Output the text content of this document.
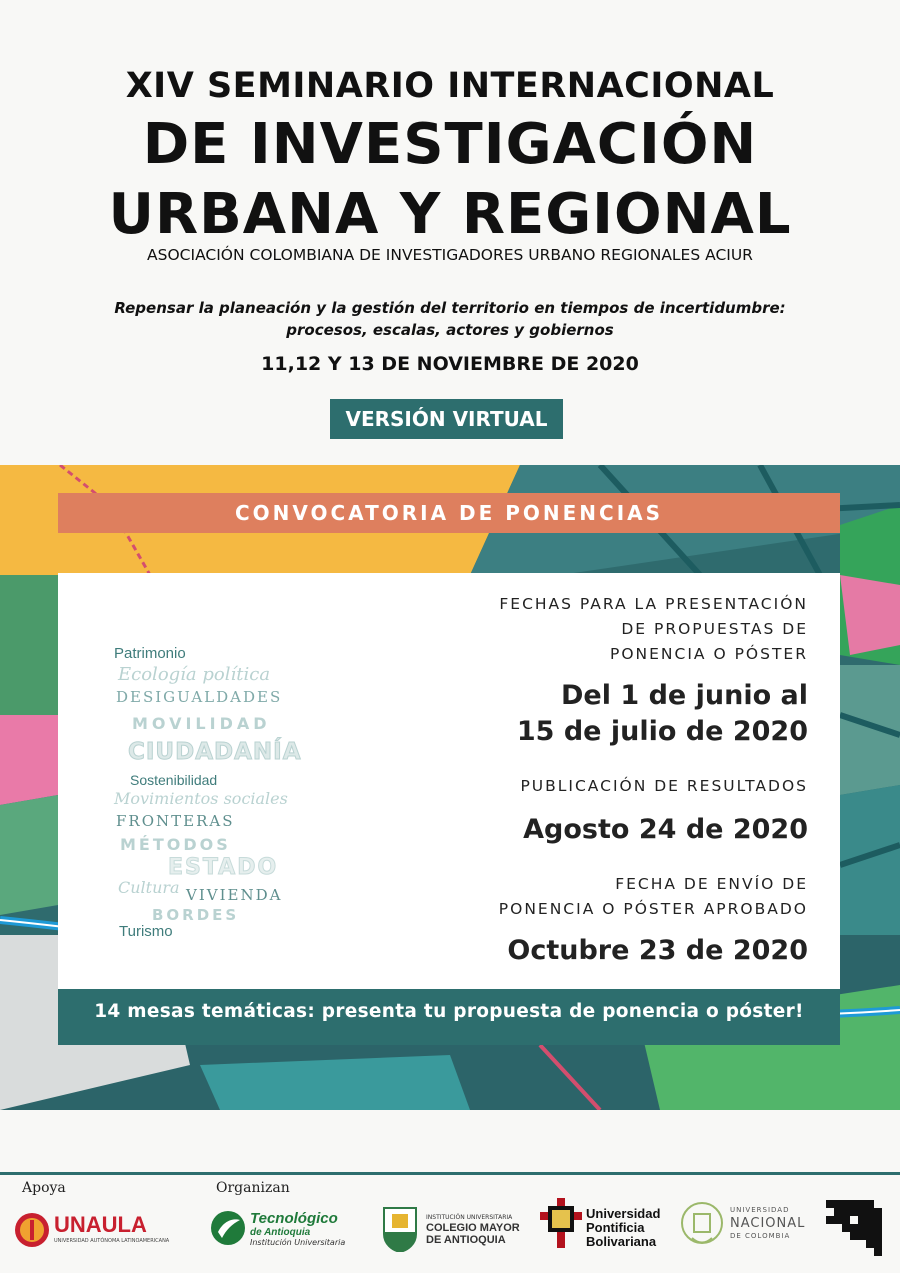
XIV SEMINARIO INTERNACIONAL
DE INVESTIGACIÓN
URBANA Y REGIONAL
ASOCIACIÓN COLOMBIANA DE INVESTIGADORES URBANO REGIONALES ACIUR
Repensar la planeación y la gestión del territorio en tiempos de incertidumbre:
procesos, escalas, actores y gobiernos
11,12 Y 13 DE NOVIEMBRE DE 2020
VERSIÓN VIRTUAL
CONVOCATORIA DE PONENCIAS
Patrimonio
Ecología política
DESIGUALDADES
MOVILIDAD
CIUDADANÍA
Sostenibilidad
Movimientos sociales
FRONTERAS
MÉTODOS
ESTADO
Cultura VIVIENDA
BORDES
Turismo
FECHAS PARA LA PRESENTACIÓN
DE PROPUESTAS DE
PONENCIA O PÓSTER
Del 1 de junio al
15 de julio de 2020
PUBLICACIÓN DE RESULTADOS
Agosto 24 de 2020
FECHA DE ENVÍO DE
PONENCIA O PÓSTER APROBADO
Octubre 23 de 2020
14 mesas temáticas: presenta tu propuesta de ponencia o póster!
Apoya	Organizan
UNAULA
UNIVERSIDAD AUTÓNOMA LATINOAMERICANA
Tecnológico
de Antioquia
Institución Universitaria
INSTITUCIÓN UNIVERSITARIA
COLEGIO MAYOR
DE ANTIOQUIA
Universidad
Pontificia
Bolivariana
UNIVERSIDAD
NACIONAL
DE COLOMBIA
